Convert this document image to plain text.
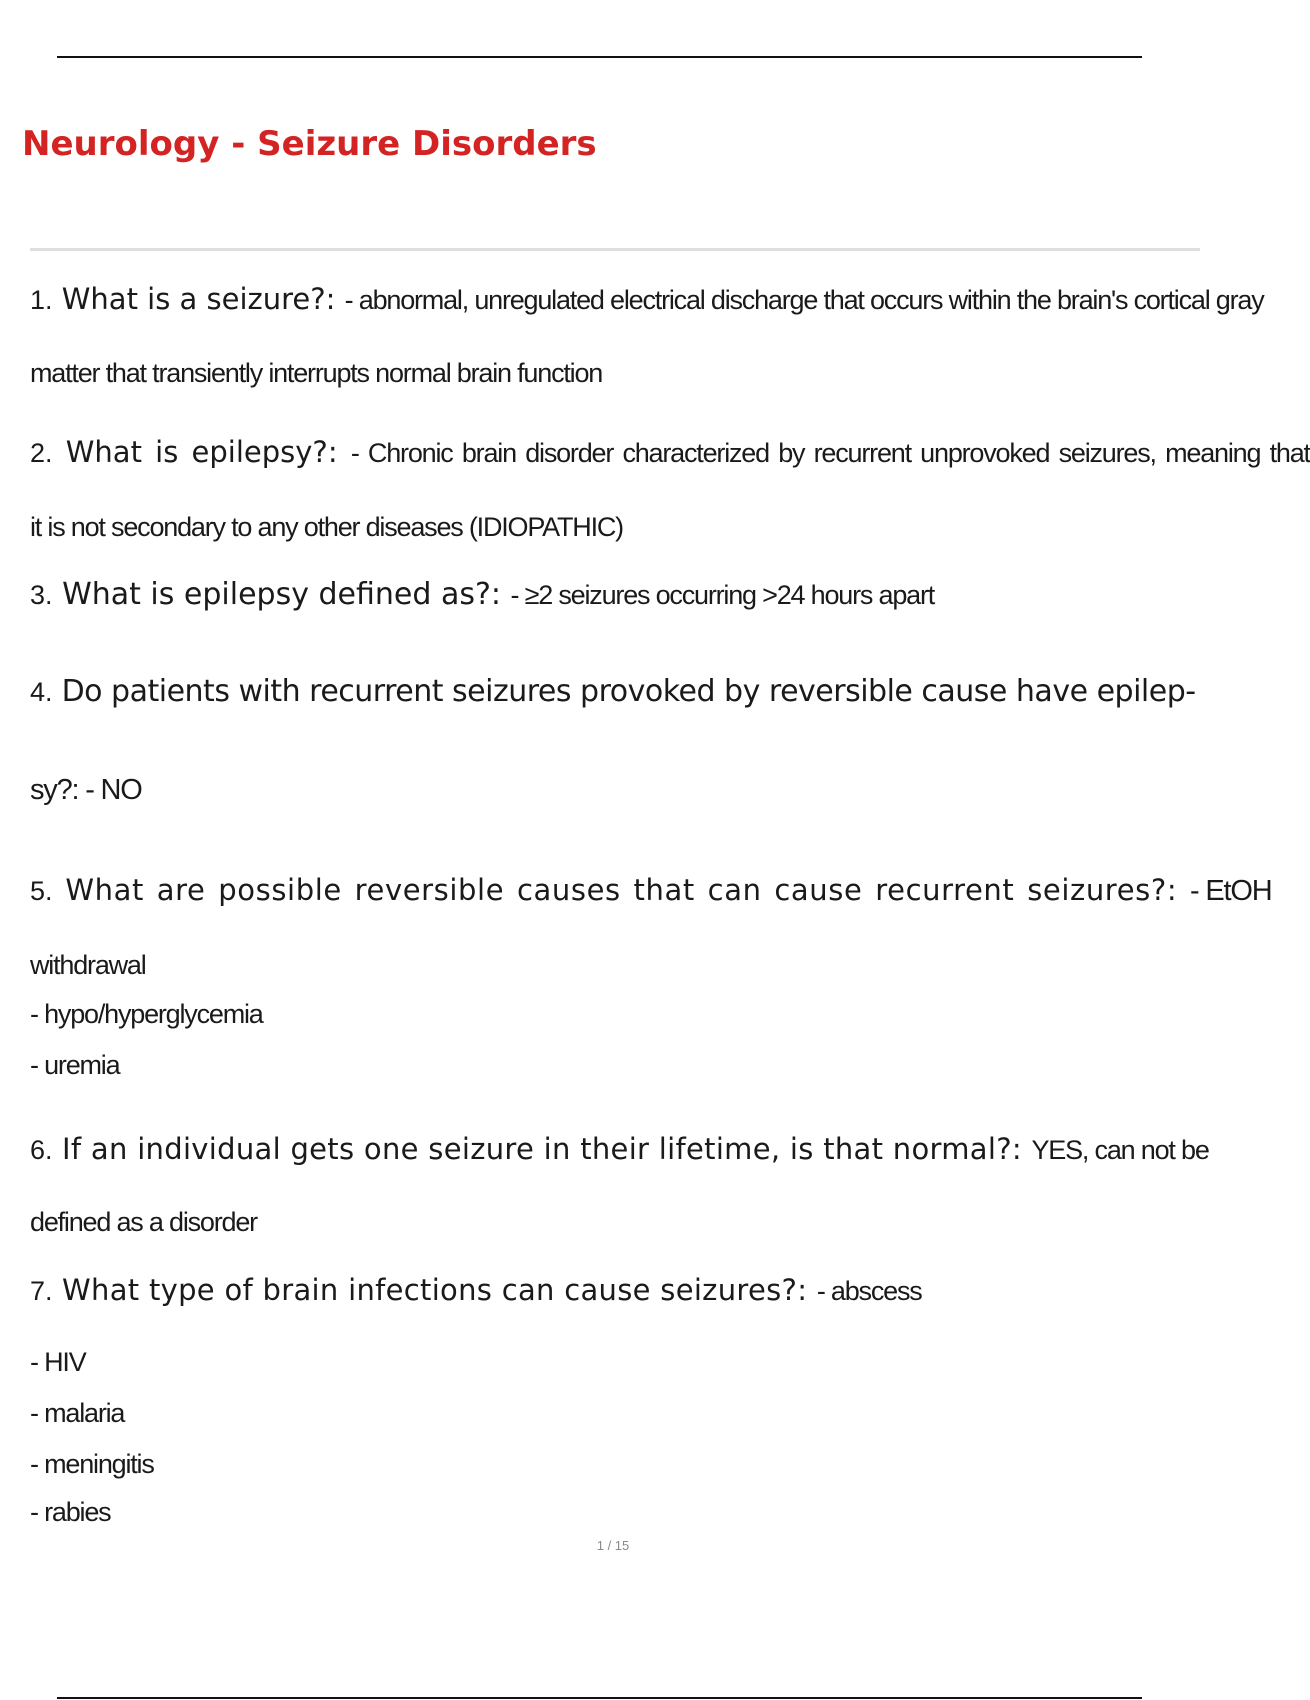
Neurology - Seizure Disorders
1. What is a seizure?: - abnormal, unregulated electrical discharge that occurs within the brain's cortical gray
matter that transiently interrupts normal brain function
2. What is epilepsy?: - Chronic brain disorder characterized by recurrent unprovoked seizures, meaning that
it is not secondary to any other diseases (IDIOPATHIC)
3. What is epilepsy defined as?: - ≥2 seizures occurring >24 hours apart
4. Do patients with recurrent seizures provoked by reversible cause have epilep-
sy?: - NO
5. What are possible reversible causes that can cause recurrent seizures?: - EtOH
withdrawal
- hypo/hyperglycemia
- uremia
6. If an individual gets one seizure in their lifetime, is that normal?: YES, can not be
defined as a disorder
7. What type of brain infections can cause seizures?: - abscess
- HIV
- malaria
- meningitis
- rabies
1 / 15
